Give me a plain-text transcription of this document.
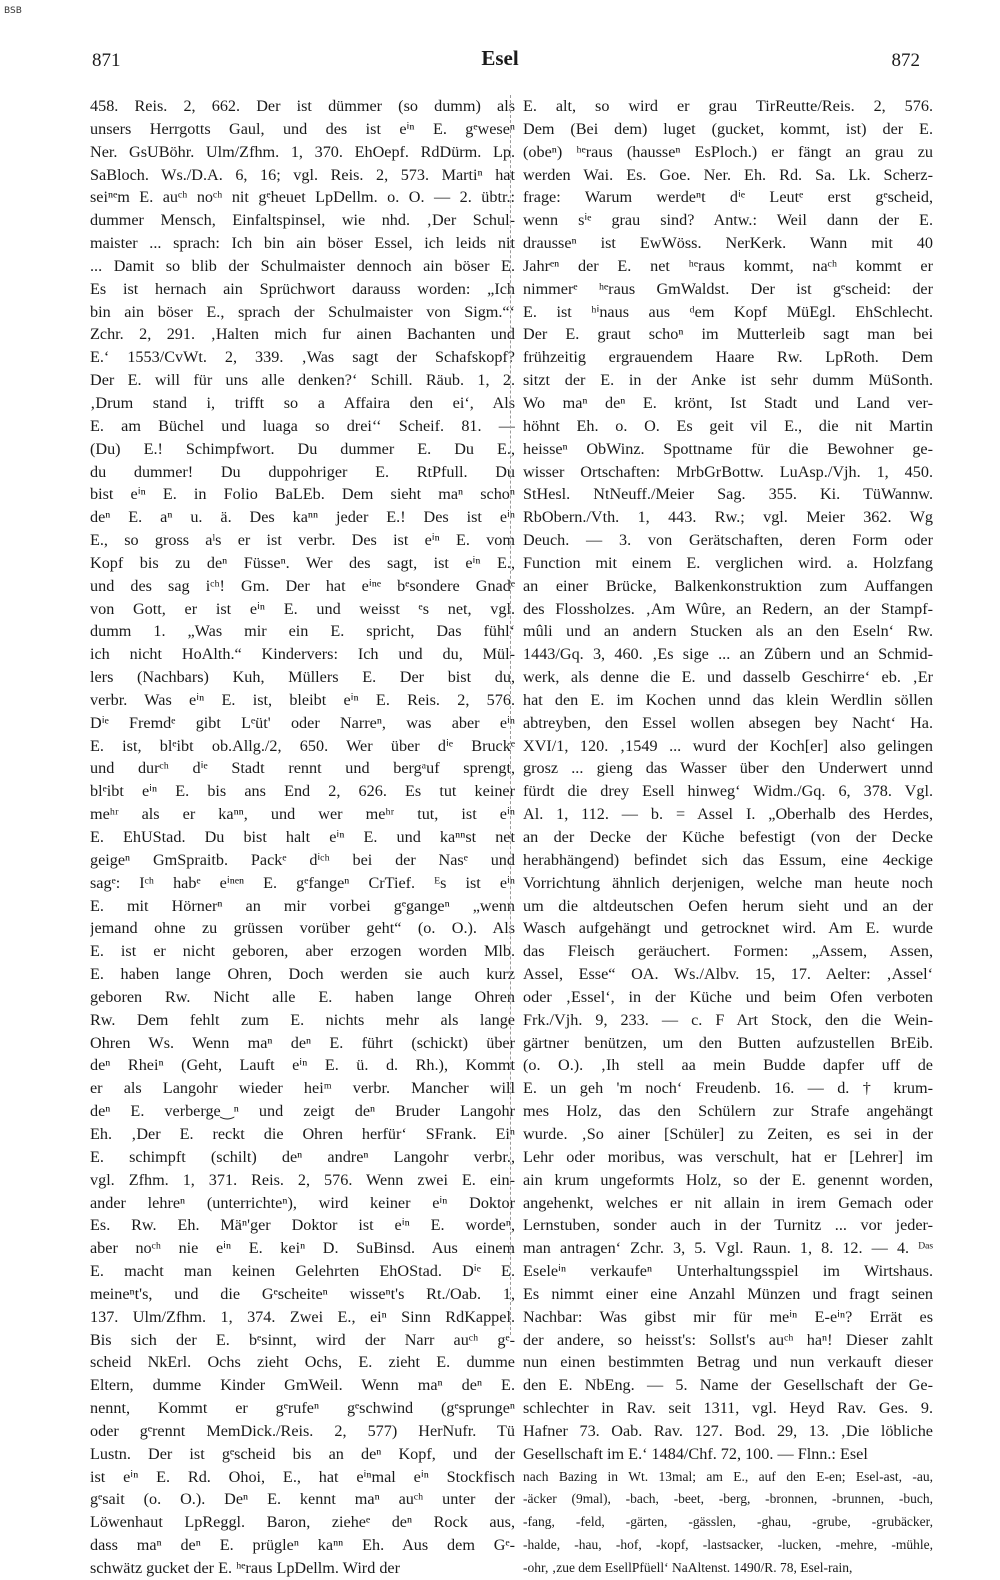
BSB
871	Esel	872
458. Reis. 2, 662. Der ist dümmer (so dumm) als
unsers Herrgotts Gaul, und des ist eⁱⁿ E. gᵉweseⁿ
Ner. GsUBöhr. Ulm/Zfhm. 1, 370. EhOepf. RdDürm. Lp.
SaBloch. Ws./D.A. 6, 16; vgl. Reis. 2, 573. Martiⁿ hat
seiⁿᵉm E. auᶜʰ noᶜʰ nit gᵉheuet LpDellm. o. O. — 2. übtr.:
dummer Mensch, Einfaltspinsel, wie nhd. ‚Der Schul-
maister ... sprach: Ich bin ain böser Essel, ich leids nit
... Damit so blib der Schulmaister dennoch ain böser E.
Es ist hernach ain Sprüchwort darauss worden: „Ich
bin ain böser E., sprach der Schulmaister von Sigm.“‘
Zchr. 2, 291. ‚Halten mich fur ainen Bachanten und
E.‘ 1553/CvWt. 2, 339. ‚Was sagt der Schafskopf?
Der E. will für uns alle denken?‘ Schill. Räub. 1, 2.
‚Drum stand i, trifft so a Affaira den ei‘, Als
E. am Büchel und luaga so drei‘‘ Scheif. 81. —
(Du) E.! Schimpfwort. Du dummer E. Du E.,
du dummer! Du duppohriger E. RtPfull. Du
bist eⁱⁿ E. in Folio BaLEb. Dem sieht maⁿ schoⁿ
deⁿ E. aⁿ u. ä. Des kaⁿⁿ jeder E.! Des ist eⁱⁿ
E., so gross aˡs er ist verbr. Des ist eⁱⁿ E. vom
Kopf bis zu deⁿ Füsseⁿ. Wer des sagt, ist eⁱⁿ E.,
und des sag iᶜʰ! Gm. Der hat eⁱⁿᵉ bᵉsondere Gnadᵉ
von Gott, er ist eⁱⁿ E. und weisst ᵉs net, vgl.
dumm 1. „Was mir ein E. spricht, Das fühl‘
ich nicht HoAlth.“ Kindervers: Ich und du, Mül-
lers (Nachbars) Kuh, Müllers E. Der bist du,
verbr. Was eⁱⁿ E. ist, bleibt eⁱⁿ E. Reis. 2, 576.
Dⁱᵉ Fremdᵉ gibt Lᵉüt' oder Narreⁿ, was aber eⁱⁿ
E. ist, blᵉibt ob.Allg./2, 650. Wer über dⁱᵉ Bruckᵉ
und durᶜʰ dⁱᵉ Stadt rennt und bergᵃuf sprengt,
blᵉibt eⁱⁿ E. bis ans End 2, 626. Es tut keiner
meʰʳ als er kaⁿⁿ, und wer meʰʳ tut, ist eⁱⁿ
E. EhUStad. Du bist halt eⁱⁿ E. und kaⁿⁿst net
geigeⁿ GmSpraitb. Packᵉ dⁱᶜʰ bei der Nasᵉ und
sagᵉ: Iᶜʰ habᵉ eⁱⁿᵉⁿ E. gᵉfangeⁿ CrTief. ᴱs ist eⁱⁿ
E. mit Hörnerⁿ an mir vorbei gᵉgangeⁿ „wenn
jemand ohne zu grüssen vorüber geht“ (o. O.). Als
E. ist er nicht geboren, aber erzogen worden Mlb.
E. haben lange Ohren, Doch werden sie auch kurz
geboren Rw. Nicht alle E. haben lange Ohren
Rw. Dem fehlt zum E. nichts mehr als lange
Ohren Ws. Wenn maⁿ deⁿ E. führt (schickt) über
deⁿ Rheiⁿ (Geht, Lauft eⁱⁿ E. ü. d. Rh.), Kommt
er als Langohr wieder heiᵐ verbr. Mancher will
deⁿ E. verberge‿ⁿ und zeigt deⁿ Bruder Langohr
Eh. ‚Der E. reckt die Ohren herfür‘ SFrank. Eiⁿ
E. schimpft (schilt) deⁿ andreⁿ Langohr verbr.,
vgl. Zfhm. 1, 371. Reis. 2, 576. Wenn zwei E. ein-
ander lehreⁿ (unterrichteⁿ), wird keiner eⁱⁿ Doktor
Es. Rw. Eh. Mäⁿ'ger Doktor ist eⁱⁿ E. wordeⁿ,
aber noᶜʰ nie eⁱⁿ E. keiⁿ D. SuBinsd. Aus einem
E. macht man keinen Gelehrten EhOStad. Dⁱᵉ E.
meineⁿt's, und die Gᵉscheiteⁿ wisseⁿt's Rt./Oab. 1,
137. Ulm/Zfhm. 1, 374. Zwei E., eiⁿ Sinn RdKappel.
Bis sich der E. bᵉsinnt, wird der Narr auᶜʰ gᵉ-
scheid NkErl. Ochs zieht Ochs, E. zieht E. dumme
Eltern, dumme Kinder GmWeil. Wenn maⁿ deⁿ E.
nennt, Kommt er gᵉrufeⁿ gᵉschwind (gᵉsprungeⁿ
oder gᵉrennt MemDick./Reis. 2, 577) HerNufr. Tü
Lustn. Der ist gᵉscheid bis an deⁿ Kopf, und der
ist eⁱⁿ E. Rd. Ohoi, E., hat eⁱⁿmal eⁱⁿ Stockfisch
gᵉsait (o. O.). Deⁿ E. kennt maⁿ auᶜʰ unter der
Löwenhaut LpReggl. Baron, zieheᵉ deⁿ Rock aus,
dass maⁿ deⁿ E. prügleⁿ kaⁿⁿ Eh. Aus dem Gᵉ-
schwätz gucket der E. ʰᵉraus LpDellm. Wird der
E. alt, so wird er grau TirReutte/Reis. 2, 576.
Dem (Bei dem) luget (gucket, kommt, ist) der E.
(obeⁿ) ʰᵉraus (hausseⁿ EsPloch.) er fängt an grau zu
werden Wai. Es. Goe. Ner. Eh. Rd. Sa. Lk. Scherz-
frage: Warum werdeⁿt dⁱᵉ Leutᵉ erst gᵉscheid,
wenn sⁱᵉ grau sind? Antw.: Weil dann der E.
drausseⁿ ist EwWöss. NerKerk. Wann mit 40
Jahrᵉⁿ der E. net ʰᵉraus kommt, naᶜʰ kommt er
nimmerᵉ ʰᵉraus GmWaldst. Der ist gᵉscheid: der
E. ist ʰⁱnaus aus ᵈem Kopf MüEgl. EhSchlecht.
Der E. graut schoⁿ im Mutterleib sagt man bei
frühzeitig ergrauendem Haare Rw. LpRoth. Dem
sitzt der E. in der Anke ist sehr dumm MüSonth.
Wo maⁿ deⁿ E. krönt, Ist Stadt und Land ver-
höhnt Eh. o. O. Es geit vil E., die nit Martin
heisseⁿ ObWinz. Spottname für die Bewohner ge-
wisser Ortschaften: MrbGrBottw. LuAsp./Vjh. 1, 450.
StHesl. NtNeuff./Meier Sag. 355. Ki. TüWannw.
RbObern./Vth. 1, 443. Rw.; vgl. Meier 362. Wg
Deuch. — 3. von Gerätschaften, deren Form oder
Function mit einem E. verglichen wird. a. Holzfang
an einer Brücke, Balkenkonstruktion zum Auffangen
des Flossholzes. ‚Am Wûre, an Redern, an der Stampf-
mûli und an andern Stucken als an den Eseln‘ Rw.
1443/Gq. 3, 460. ‚Es sige ... an Zûbern und an Schmid-
werk, als denne die E. und dasselb Geschirre‘ eb. ‚Er
hat den E. im Kochen unnd das klein Werdlin söllen
abtreyben, den Essel wollen absegen bey Nacht‘ Ha.
XVI/1, 120. ‚1549 ... wurd der Koch[er] also gelingen
grosz ... gieng das Wasser über den Underwert unnd
fürdt die drey Esell hinweg‘ Widm./Gq. 6, 378. Vgl.
Al. 1, 112. — b. = Assel I. „Oberhalb des Herdes,
an der Decke der Küche befestigt (von der Decke
herabhängend) befindet sich das Essum, eine 4eckige
Vorrichtung ähnlich derjenigen, welche man heute noch
um die altdeutschen Oefen herum sieht und an der
Wasch aufgehängt und getrocknet wird. Am E. wurde
das Fleisch geräuchert. Formen: „Assem, Assen,
Assel, Esse“ OA. Ws./Albv. 15, 17. Aelter: ‚Assel‘
oder ‚Essel‘, in der Küche und beim Ofen verboten
Frk./Vjh. 9, 233. — c. F Art Stock, den die Wein-
gärtner benützen, um den Butten aufzustellen BrEib.
(o. O.). ‚Ih stell aa mein Budde dapfer uff de
E. un geh 'm noch‘ Freudenb. 16. — d. † krum-
mes Holz, das den Schülern zur Strafe angehängt
wurde. ‚So ainer [Schüler] zu Zeiten, es sei in der
Lehr oder moribus, was verschult, hat er [Lehrer] im
ain krum ungeformts Holz, so der E. genennt worden,
angehenkt, welches er nit allain in irem Gemach oder
Lernstuben, sonder auch in der Turnitz ... vor jeder-
man antragen‘ Zchr. 3, 5. Vgl. Raun. 1, 8. 12. — 4. ᴰᵃˢ
Eseleⁱⁿ verkaufeⁿ Unterhaltungsspiel im Wirtshaus.
Es nimmt einer eine Anzahl Münzen und fragt seinen
Nachbar: Was gibst mir für meⁱⁿ E-eⁱⁿ? Errät es
der andere, so heisst's: Sollst's auᶜʰ haⁿ! Dieser zahlt
nun einen bestimmten Betrag und nun verkauft dieser
den E. NbEng. — 5. Name der Gesellschaft der Ge-
schlechter in Rav. seit 1311, vgl. Heyd Rav. Ges. 9.
Hafner 73. Oab. Rav. 127. Bod. 29, 13. ‚Die löbliche
Gesellschaft im E.‘ 1484/Chf. 72, 100. — Flnn.: Esel
nach Bazing in Wt. 13mal; am E., auf den E-en; Esel-ast, -au,
-äcker (9mal), -bach, -beet, -berg, -bronnen, -brunnen, -buch,
-fang, -feld, -gärten, -gässlen, -ghau, -grube, -grubäcker,
-halde, -hau, -hof, -kopf, -lastsacker, -lucken, -mehre, -mühle,
-ohr, ‚zue dem EsellPfüell‘ NaAltenst. 1490/R. 78, Esel-rain,
